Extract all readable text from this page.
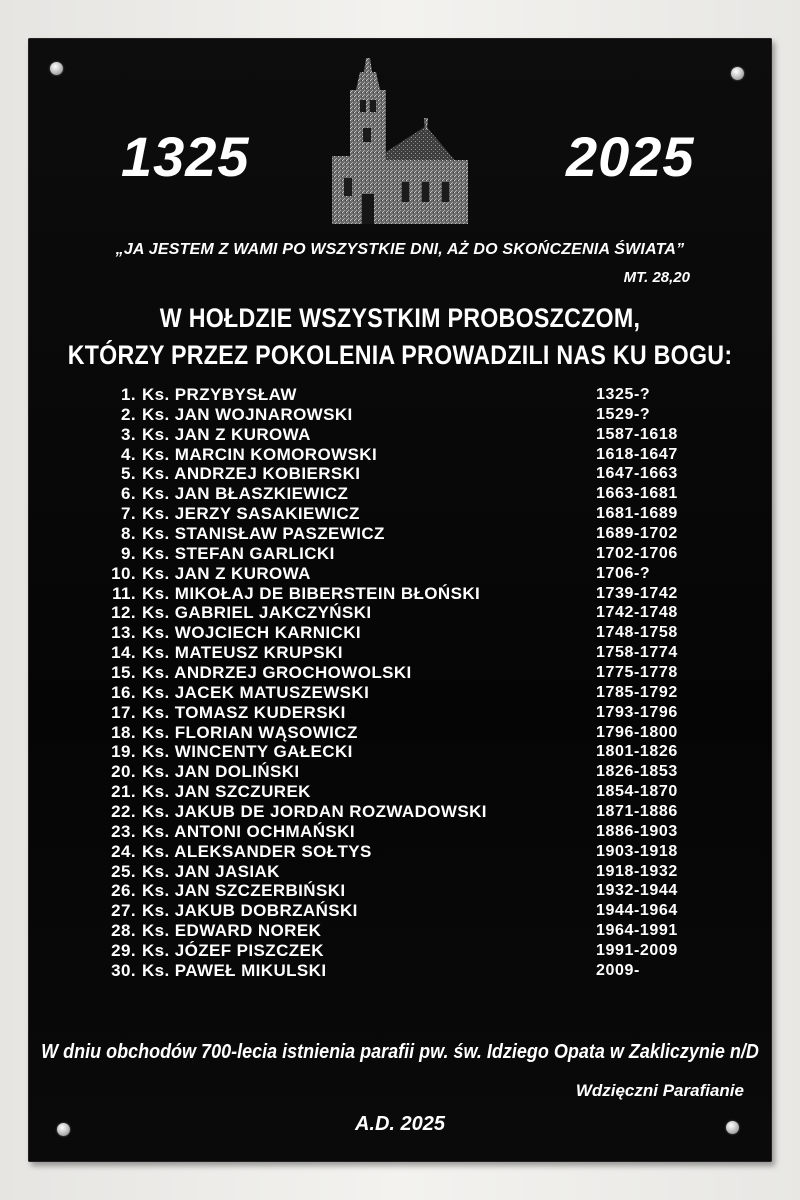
1325	2025
„JA JESTEM Z WAMI PO WSZYSTKIE DNI, AŻ DO SKOŃCZENIA ŚWIATA”
MT. 28,20
W HOŁDZIE WSZYSTKIM PROBOSZCZOM,
KTÓRZY PRZEZ POKOLENIA PROWADZILI NAS KU BOGU:
1. Ks. PRZYBYSŁAW	1325-?
2. Ks. JAN WOJNAROWSKI	1529-?
3. Ks. JAN Z KUROWA	1587-1618
4. Ks. MARCIN KOMOROWSKI	1618-1647
5. Ks. ANDRZEJ KOBIERSKI	1647-1663
6. Ks. JAN BŁASZKIEWICZ	1663-1681
7. Ks. JERZY SASAKIEWICZ	1681-1689
8. Ks. STANISŁAW PASZEWICZ	1689-1702
9. Ks. STEFAN GARLICKI	1702-1706
10. Ks. JAN Z KUROWA	1706-?
11. Ks. MIKOŁAJ DE BIBERSTEIN BŁOŃSKI	1739-1742
12. Ks. GABRIEL JAKCZYŃSKI	1742-1748
13. Ks. WOJCIECH KARNICKI	1748-1758
14. Ks. MATEUSZ KRUPSKI	1758-1774
15. Ks. ANDRZEJ GROCHOWOLSKI	1775-1778
16. Ks. JACEK MATUSZEWSKI	1785-1792
17. Ks. TOMASZ KUDERSKI	1793-1796
18. Ks. FLORIAN WĄSOWICZ	1796-1800
19. Ks. WINCENTY GAŁECKI	1801-1826
20. Ks. JAN DOLIŃSKI	1826-1853
21. Ks. JAN SZCZUREK	1854-1870
22. Ks. JAKUB DE JORDAN ROZWADOWSKI	1871-1886
23. Ks. ANTONI OCHMAŃSKI	1886-1903
24. Ks. ALEKSANDER SOŁTYS	1903-1918
25. Ks. JAN JASIAK	1918-1932
26. Ks. JAN SZCZERBIŃSKI	1932-1944
27. Ks. JAKUB DOBRZAŃSKI	1944-1964
28. Ks. EDWARD NOREK	1964-1991
29. Ks. JÓZEF PISZCZEK	1991-2009
30. Ks. PAWEŁ MIKULSKI	2009-
W dniu obchodów 700-lecia istnienia parafii pw. św. Idziego Opata w Zakliczynie n/D
Wdzięczni Parafianie
A.D. 2025
